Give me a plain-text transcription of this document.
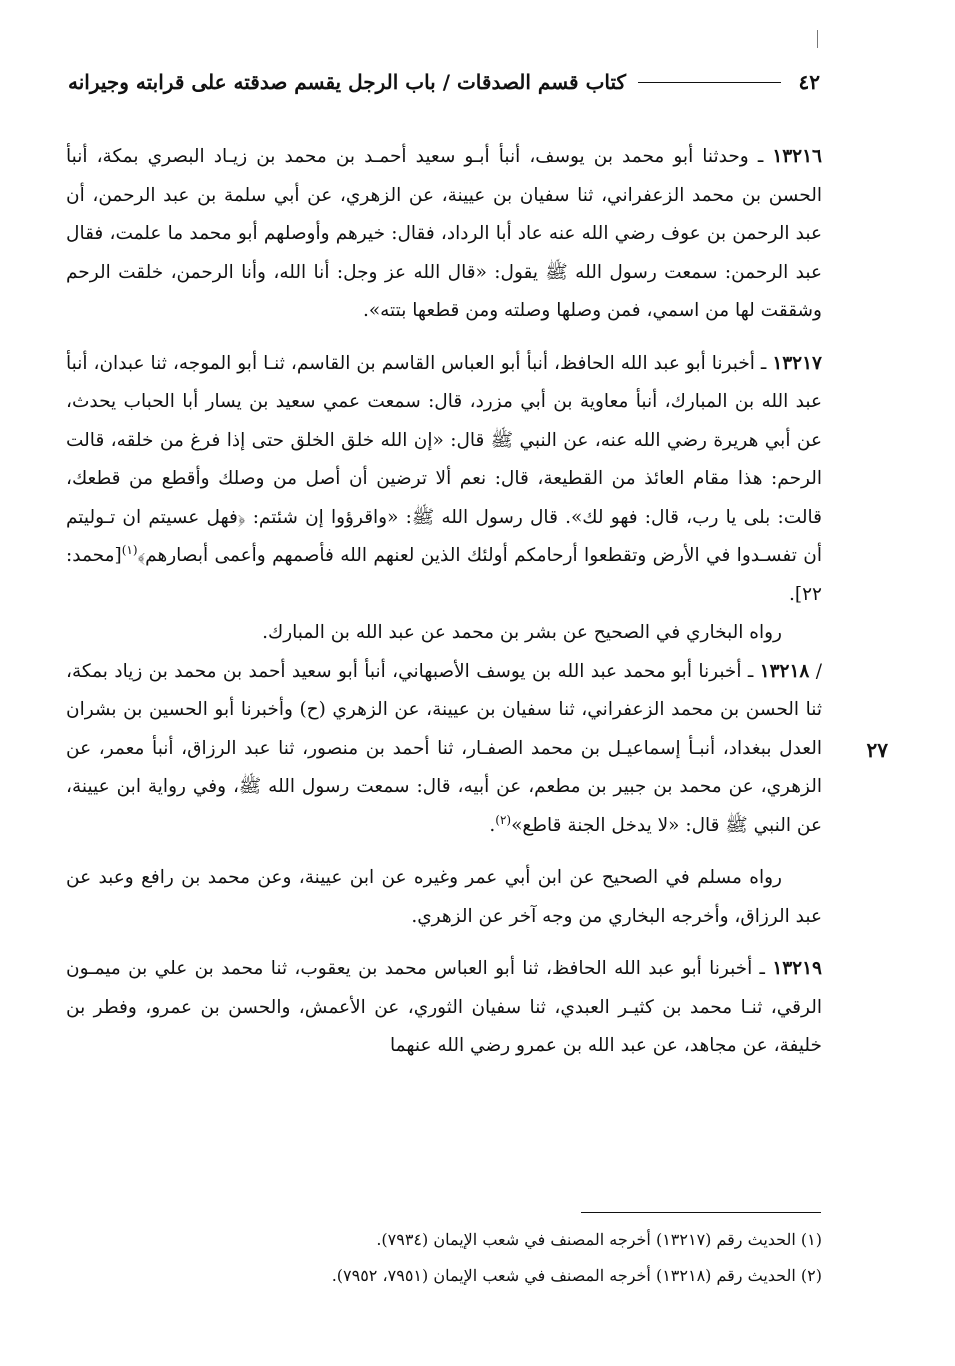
٤٢
كتاب قسم الصدقات / باب الرجل يقسم صدقته على قرابته وجيرانه
٢٧

١٣٢١٦ ـ وحدثنا أبو محمد بن يوسف، أنبأ أبـو سعيد أحمـد بن محمد بن زيـاد البصري بمكة، أنبأ الحسن بن محمد الزعفراني، ثنا سفيان بن عيينة، عن الزهري، عن أبي سلمة بن عبد الرحمن، أن عبد الرحمن بن عوف رضي الله عنه عاد أبا الرداد، فقال: خيرهم وأوصلهم أبو محمد ما علمت، فقال عبد الرحمن: سمعت رسول الله ﷺ يقول: «قال الله عز وجل: أنا الله، وأنا الرحمن، خلقت الرحم وشققت لها من اسمي، فمن وصلها وصلته ومن قطعها بتته».

١٣٢١٧ ـ أخبرنا أبو عبد الله الحافظ، أنبأ أبو العباس القاسم بن القاسم، ثنـا أبو الموجه، ثنا عبدان، أنبأ عبد الله بن المبارك، أنبأ معاوية بن أبي مزرد، قال: سمعت عمي سعيد بن يسار أبا الحباب يحدث، عن أبي هريرة رضي الله عنه، عن النبي ﷺ قال: «إن الله خلق الخلق حتى إذا فرغ من خلقه، قالت الرحم: هذا مقام العائذ من القطيعة، قال: نعم ألا ترضين أن أصل من وصلك وأقطع من قطعك، قالت: بلى يا رب، قال: فهو لك». قال رسول الله ﷺ: «واقرؤوا إن شئتم: ﴿فهل عسيتم ان تـوليتم أن تفسـدوا في الأرض وتقطعوا أرحامكم أولئك الذين لعنهم الله فأصمهم وأعمى أبصارهم﴾$^{(١)}$[محمد: ٢٢].

رواه البخاري في الصحيح عن بشر بن محمد عن عبد الله بن المبارك.

/ ١٣٢١٨ ـ أخبرنا أبو محمد عبد الله بن يوسف الأصبهاني، أنبأ أبو سعيد أحمد بن محمد بن زياد بمكة، ثنا الحسن بن محمد الزعفراني، ثنا سفيان بن عيينة، عن الزهري (ح) وأخبرنا أبو الحسين بن بشران العدل ببغداد، أنبـأ إسماعيـل بن محمد الصفـار، ثنا أحمد بن منصور، ثنا عبد الرزاق، أنبأ معمر، عن الزهري، عن محمد بن جبير بن مطعم، عن أبيه، قال: سمعت رسول الله ﷺ، وفي رواية ابن عيينة، عن النبي ﷺ قال: «لا يدخل الجنة قاطع»$^{(٢)}$.

رواه مسلم في الصحيح عن ابن أبي عمر وغيره عن ابن عيينة، وعن محمد بن رافع وعبد عن عبد الرزاق، وأخرجه البخاري من وجه آخر عن الزهري.

١٣٢١٩ ـ أخبرنا أبو عبد الله الحافظ، ثنا أبو العباس محمد بن يعقوب، ثنا محمد بن علي بن ميمـون الرقي، ثنـا محمد بن كثيـر العبدي، ثنا سفيان الثوري، عن الأعمش، والحسن بن عمرو، وفطر بن خليفة، عن مجاهد، عن عبد الله بن عمرو رضي الله عنهما

(١) الحديث رقم (١٣٢١٧) أخرجه المصنف في شعب الإيمان (٧٩٣٤).

(٢) الحديث رقم (١٣٢١٨) أخرجه المصنف في شعب الإيمان (٧٩٥١، ٧٩٥٢).
